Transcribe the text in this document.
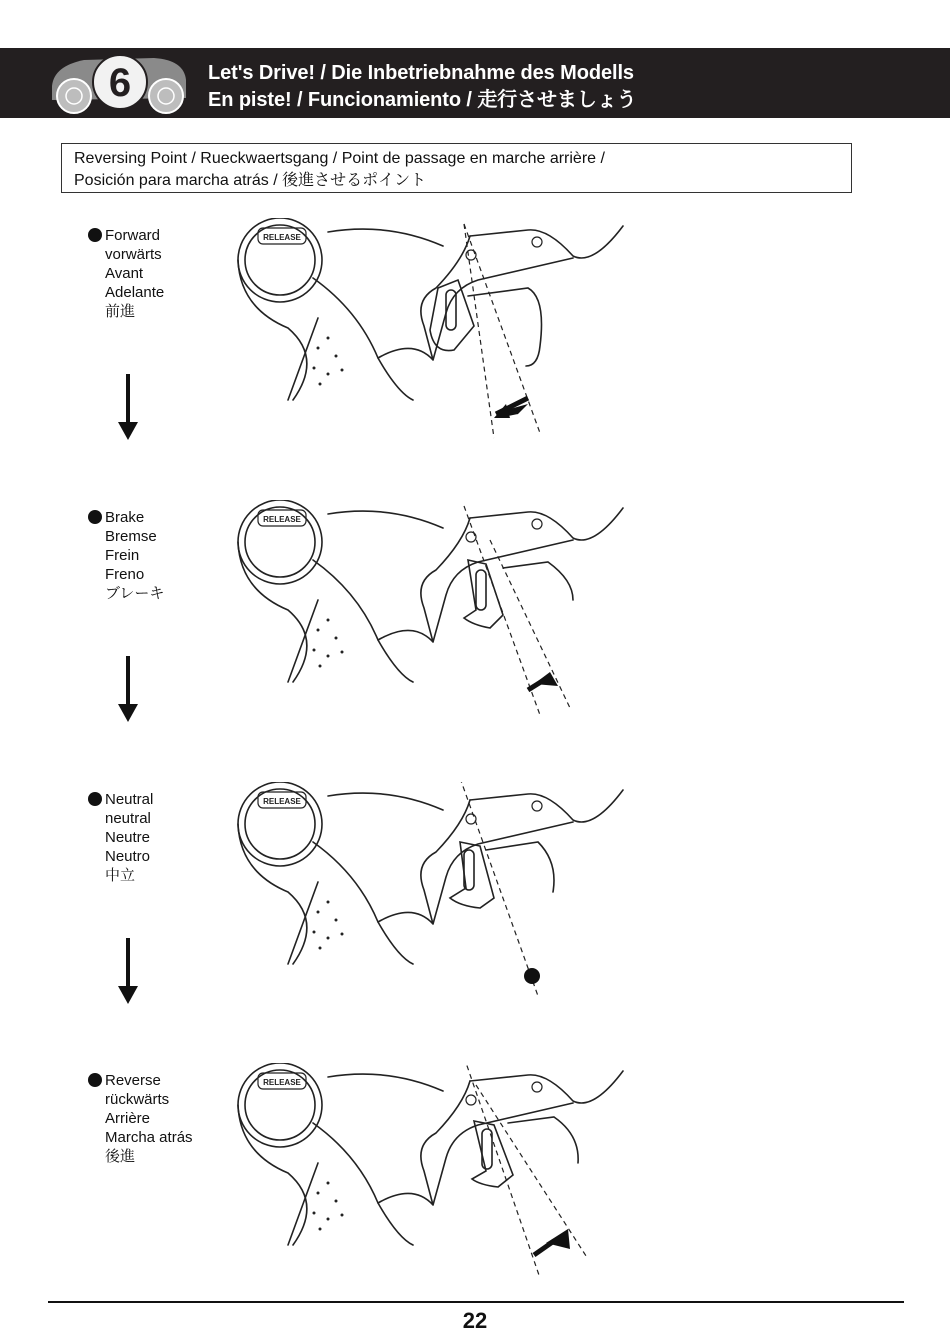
6	Let's Drive! / Die Inbetriebnahme des Modells
En piste! / Funcionamiento / 走行させましょう
Reversing Point / Rueckwaertsgang / Point de passage en marche arrière /
Posición para marcha atrás / 後進させるポイント
Forward
vorwärts
Avant
Adelante
前進
RELEASE
Brake
Bremse
Frein
Freno
ブレーキ
RELEASE
Neutral
neutral
Neutre
Neutro
中立
RELEASE
Reverse
rückwärts
Arrière
Marcha atrás
後進
RELEASE
22
